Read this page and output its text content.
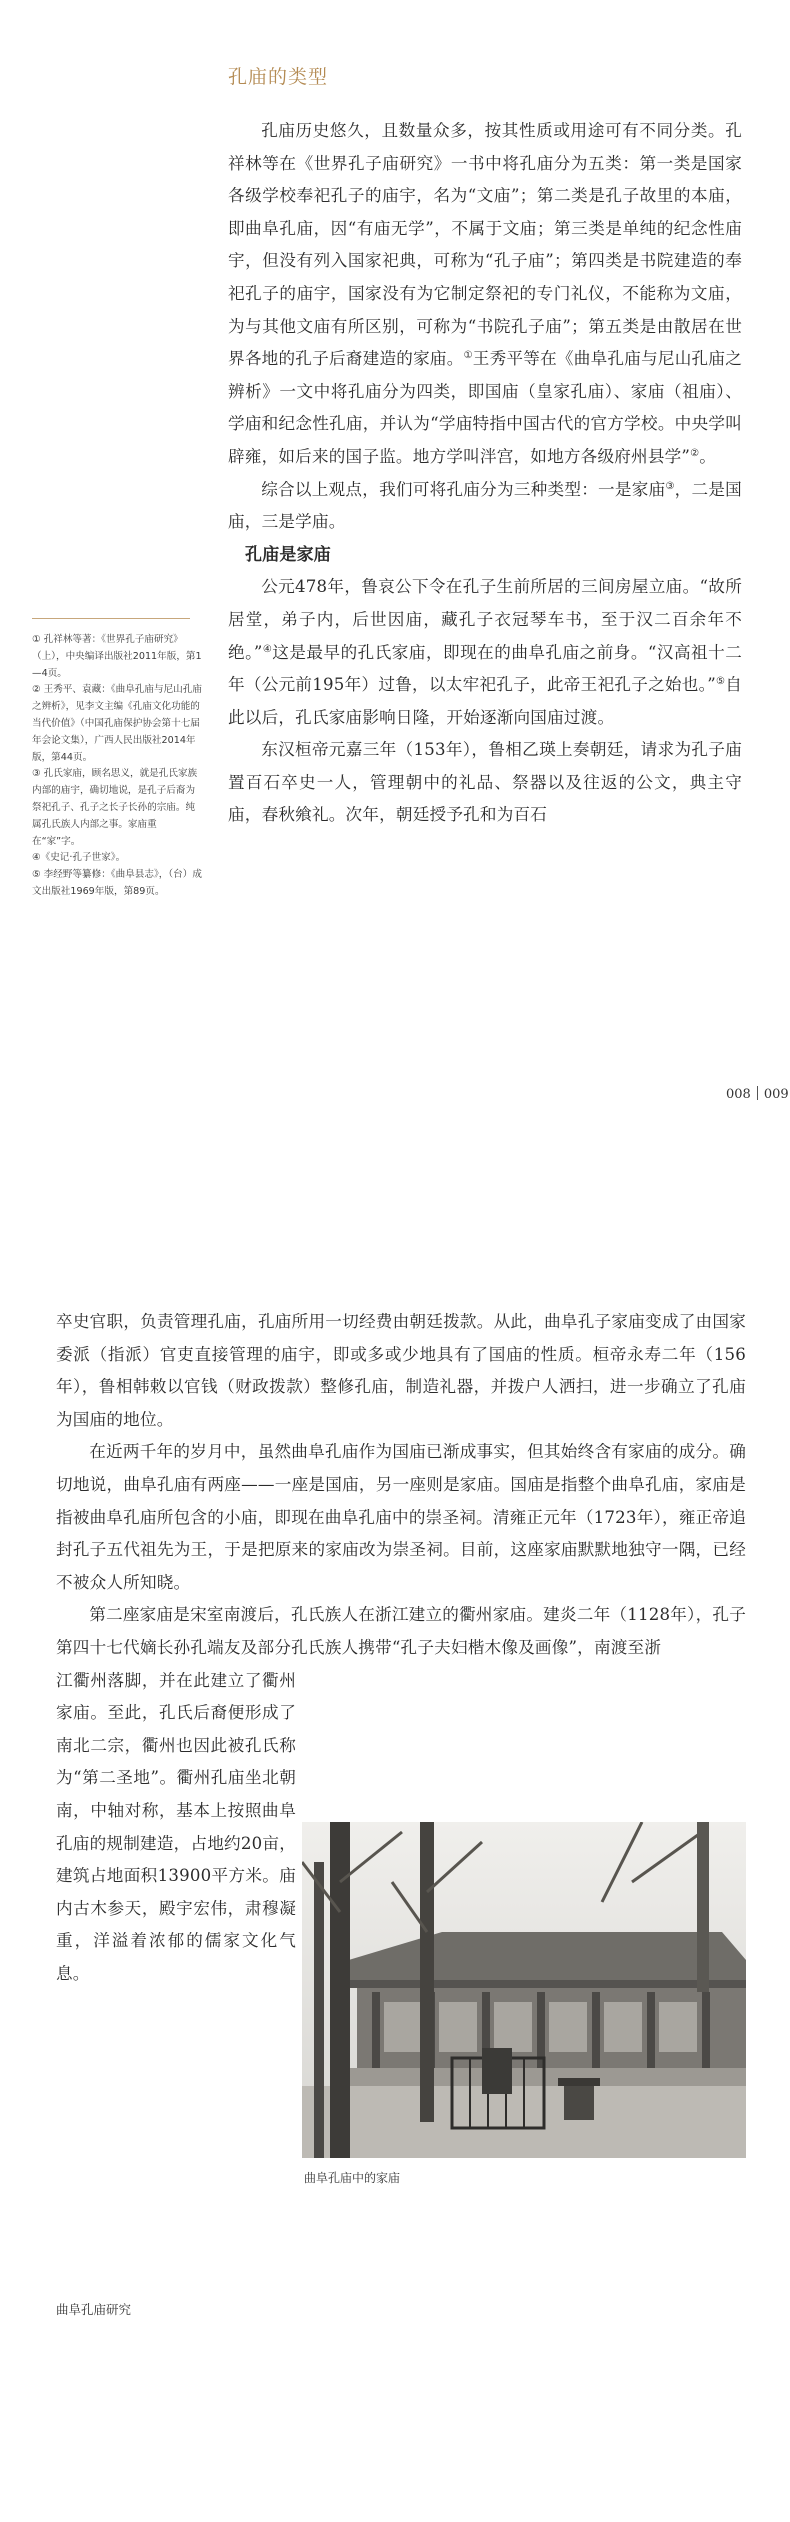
孔庙的类型

孔庙历史悠久，且数量众多，按其性质或用途可有不同分类。孔祥林等在《世界孔子庙研究》一书中将孔庙分为五类：第一类是国家各级学校奉祀孔子的庙宇，名为“文庙”；第二类是孔子故里的本庙，即曲阜孔庙，因“有庙无学”，不属于文庙；第三类是单纯的纪念性庙宇，但没有列入国家祀典，可称为“孔子庙”；第四类是书院建造的奉祀孔子的庙宇，国家没有为它制定祭祀的专门礼仪，不能称为文庙，为与其他文庙有所区别，可称为“书院孔子庙”；第五类是由散居在世界各地的孔子后裔建造的家庙。①王秀平等在《曲阜孔庙与尼山孔庙之辨析》一文中将孔庙分为四类，即国庙（皇家孔庙）、家庙（祖庙）、学庙和纪念性孔庙，并认为“学庙特指中国古代的官方学校。中央学叫辟雍，如后来的国子监。地方学叫泮宫，如地方各级府州县学”②。

综合以上观点，我们可将孔庙分为三种类型：一是家庙③，二是国庙，三是学庙。

孔庙是家庙

公元478年，鲁哀公下令在孔子生前所居的三间房屋立庙。“故所居堂，弟子内，后世因庙，藏孔子衣冠琴车书，至于汉二百余年不绝。”④这是最早的孔氏家庙，即现在的曲阜孔庙之前身。“汉高祖十二年（公元前195年）过鲁，以太牢祀孔子，此帝王祀孔子之始也。”⑤自此以后，孔氏家庙影响日隆，开始逐渐向国庙过渡。

东汉桓帝元嘉三年（153年），鲁相乙瑛上奏朝廷，请求为孔子庙置百石卒史一人，管理朝中的礼品、祭器以及往返的公文，典主守庙，春秋飨礼。次年，朝廷授予孔和为百石

① 孔祥林等著：《世界孔子庙研究》（上），中央编译出版社2011年版，第1—4页。

② 王秀平、袁藏：《曲阜孔庙与尼山孔庙之辨析》，见李文主编《孔庙文化功能的当代价值》（中国孔庙保护协会第十七届年会论文集），广西人民出版社2014年版，第44页。

③ 孔氏家庙，顾名思义，就是孔氏家族内部的庙宇，确切地说，是孔子后裔为祭祀孔子、孔子之长子长孙的宗庙。纯属孔氏族人内部之事。家庙重在“家”字。

④《史记·孔子世家》。

⑤ 李经野等纂修：《曲阜县志》，（台）成文出版社1969年版，第89页。

008 009

卒史官职，负责管理孔庙，孔庙所用一切经费由朝廷拨款。从此，曲阜孔子家庙变成了由国家委派（指派）官吏直接管理的庙宇，即或多或少地具有了国庙的性质。桓帝永寿二年（156年），鲁相韩敕以官钱（财政拨款）整修孔庙，制造礼器，并拨户人洒扫，进一步确立了孔庙为国庙的地位。

在近两千年的岁月中，虽然曲阜孔庙作为国庙已渐成事实，但其始终含有家庙的成分。确切地说，曲阜孔庙有两座——一座是国庙，另一座则是家庙。国庙是指整个曲阜孔庙，家庙是指被曲阜孔庙所包含的小庙，即现在曲阜孔庙中的崇圣祠。清雍正元年（1723年），雍正帝追封孔子五代祖先为王，于是把原来的家庙改为崇圣祠。目前，这座家庙默默地独守一隅，已经不被众人所知晓。

第二座家庙是宋室南渡后，孔氏族人在浙江建立的衢州家庙。建炎二年（1128年），孔子第四十七代嫡长孙孔端友及部分孔氏族人携带“孔子夫妇楷木像及画像”，南渡至浙

江衢州落脚，并在此建立了衢州家庙。至此，孔氏后裔便形成了南北二宗，衢州也因此被孔氏称为“第二圣地”。衢州孔庙坐北朝南，中轴对称，基本上按照曲阜孔庙的规制建造，占地约20亩，建筑占地面积13900平方米。庙内古木参天，殿宇宏伟，肃穆凝重，洋溢着浓郁的儒家文化气息。

曲阜孔庙中的家庙
曲阜孔庙研究
